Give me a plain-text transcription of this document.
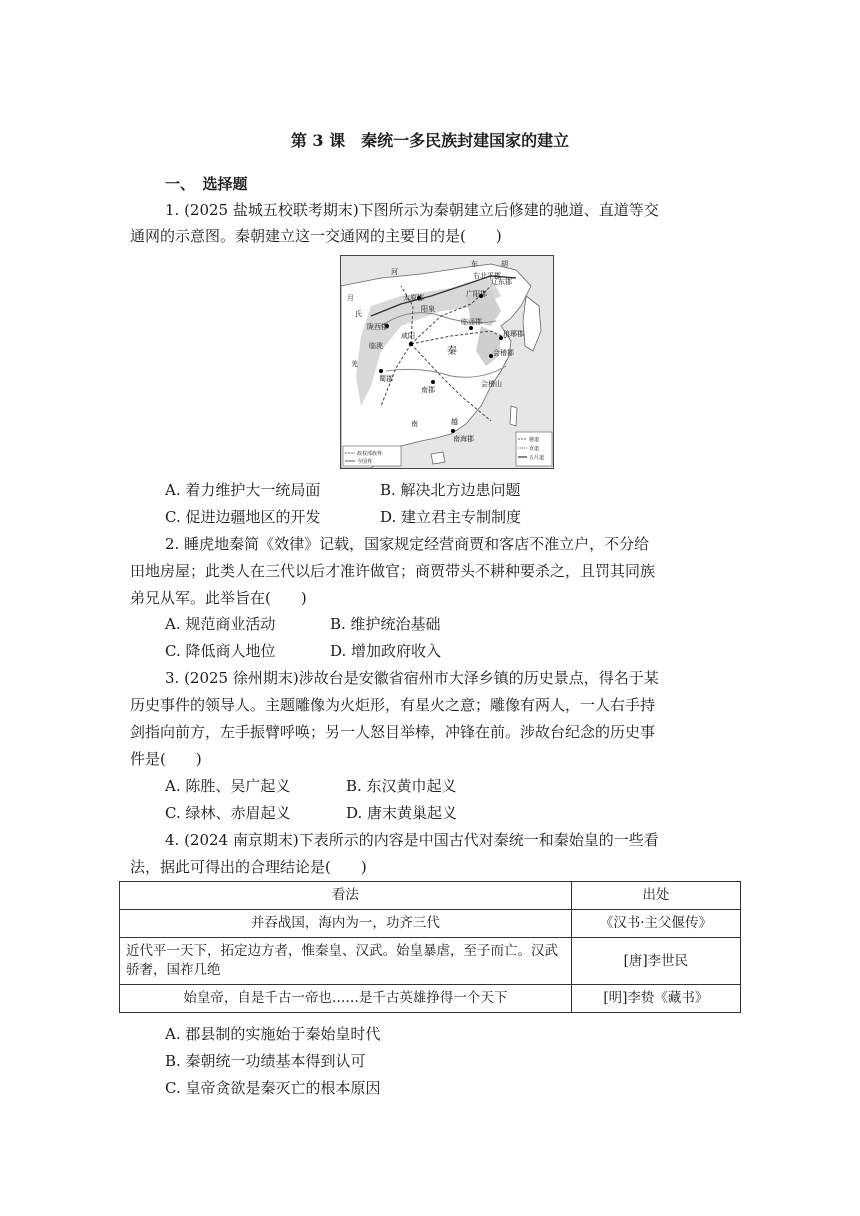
第 3 课　秦统一多民族封建国家的建立
一、　选择题
1. (2025 盐城五校联考期末)下图所示为秦朝建立后修建的驰道、直道等交
通网的示意图。秦朝建立这一交通网的主要目的是(　　)
东	胡
辽东郡
右北平郡
广阳郡
太原郡
阳泉
陇西郡
咸阳
临洮
临淄郡
秦
琅琊郡
会稽郡
会稽山
蜀郡
南郡
南海郡
月
氏
河
羌
越
南
政权部族界
今国界
驰道
直道
五尺道
A. 着力维护大一统局面	B. 解决北方边患问题
C. 促进边疆地区的开发	D. 建立君主专制制度
2. 睡虎地秦简《效律》记载，国家规定经营商贾和客店不准立户，不分给
田地房屋；此类人在三代以后才准许做官；商贾带头不耕种要杀之，且罚其同族
弟兄从军。此举旨在(　　)
A. 规范商业活动	B. 维护统治基础
C. 降低商人地位	D. 增加政府收入
3. (2025 徐州期末)涉故台是安徽省宿州市大泽乡镇的历史景点，得名于某
历史事件的领导人。主题雕像为火炬形，有星火之意；雕像有两人，一人右手持
剑指向前方，左手振臂呼唤；另一人怒目举棒，冲锋在前。涉故台纪念的历史事
件是(　　)
A. 陈胜、吴广起义	B. 东汉黄巾起义
C. 绿林、赤眉起义	D. 唐末黄巢起义
4. (2024 南京期末)下表所示的内容是中国古代对秦统一和秦始皇的一些看
法，据此可得出的合理结论是(　　)
看法	出处
并吞战国，海内为一，功齐三代	《汉书·主父偃传》
近代平一天下，拓定边方者，惟秦皇、汉武。始皇暴虐，至子而亡。汉武骄奢，国祚几绝	[唐]李世民
始皇帝，自是千古一帝也……是千古英雄挣得一个天下	[明]李贽《藏书》
A. 郡县制的实施始于秦始皇时代
B. 秦朝统一功绩基本得到认可
C. 皇帝贪欲是秦灭亡的根本原因
